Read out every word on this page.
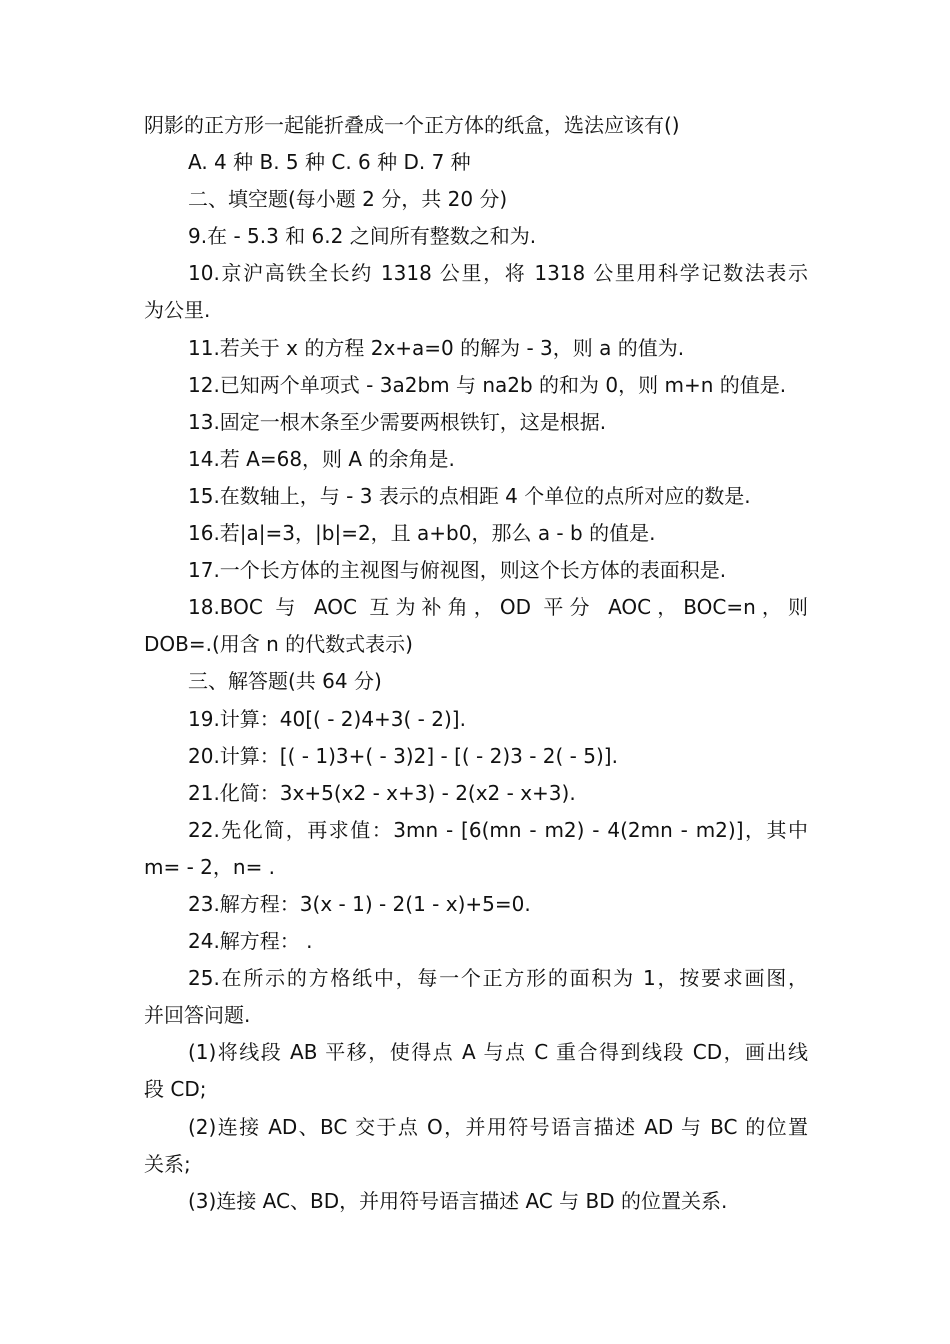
阴影的正方形一起能折叠成一个正方体的纸盒，选法应该有()
A. 4 种 B. 5 种 C. 6 种 D. 7 种
二、填空题(每小题 2 分，共 20 分)
9.在 - 5.3 和 6.2 之间所有整数之和为.
10.京沪高铁全长约 1318 公里，将 1318 公里用科学记数法表示
为公里.
11.若关于 x 的方程 2x+a=0 的解为 - 3，则 a 的值为.
12.已知两个单项式 - 3a2bm 与 na2b 的和为 0，则 m+n 的值是.
13.固定一根木条至少需要两根铁钉，这是根据.
14.若 A=68，则 A 的余角是.
15.在数轴上，与 - 3 表示的点相距 4 个单位的点所对应的数是.
16.若|a|=3，|b|=2，且 a+b0，那么 a - b 的值是.
17.一个长方体的主视图与俯视图，则这个长方体的表面积是.
18.BOC 与 AOC 互为补角，OD 平分 AOC，BOC=n，则
DOB=.(用含 n 的代数式表示)
三、解答题(共 64 分)
19.计算：40[( - 2)4+3( - 2)].
20.计算：[( - 1)3+( - 3)2] - [( - 2)3 - 2( - 5)].
21.化简：3x+5(x2 - x+3) - 2(x2 - x+3).
22.先化简，再求值：3mn - [6(mn - m2) - 4(2mn - m2)]，其中
m= - 2，n= .
23.解方程：3(x - 1) - 2(1 - x)+5=0.
24.解方程： .
25.在所示的方格纸中，每一个正方形的面积为 1，按要求画图，
并回答问题.
(1)将线段 AB 平移，使得点 A 与点 C 重合得到线段 CD，画出线
段 CD;
(2)连接 AD、BC 交于点 O，并用符号语言描述 AD 与 BC 的位置
关系;
(3)连接 AC、BD，并用符号语言描述 AC 与 BD 的位置关系.
